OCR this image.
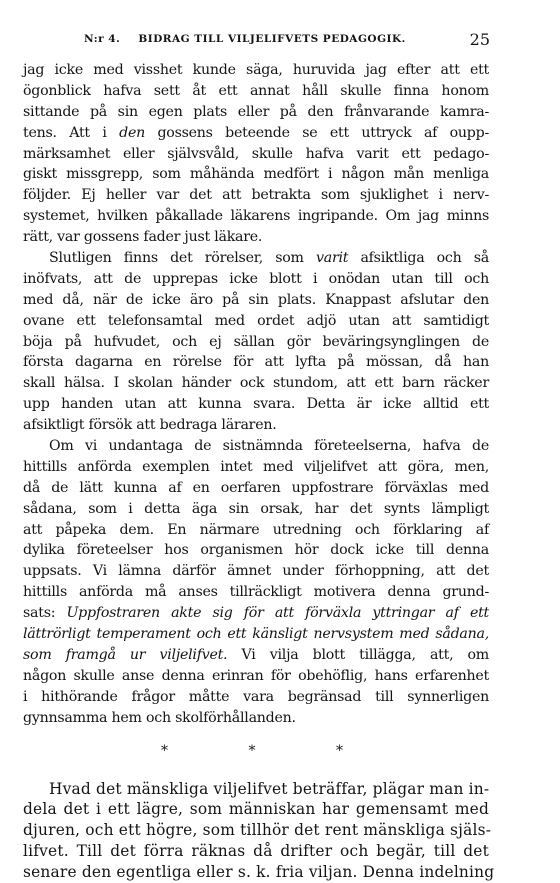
N:r 4. BIDRAG TILL VILJELIFVETS PEDAGOGIK.	25
jag icke med visshet kunde säga, huruvida jag efter att ett
ögonblick hafva sett åt ett annat håll skulle finna honom
sittande på sin egen plats eller på den frånvarande kamra-
tens. Att i den gossens beteende se ett uttryck af oupp-
märksamhet eller självsvåld, skulle hafva varit ett pedago-
giskt missgrepp, som måhända medfört i någon mån menliga
följder. Ej heller var det att betrakta som sjuklighet i nerv-
systemet, hvilken påkallade läkarens ingripande. Om jag minns
rätt, var gossens fader just läkare.
Slutligen finns det rörelser, som varit afsiktliga och så
inöfvats, att de upprepas icke blott i onödan utan till och
med då, när de icke äro på sin plats. Knappast afslutar den
ovane ett telefonsamtal med ordet adjö utan att samtidigt
böja på hufvudet, och ej sällan gör beväringsynglingen de
första dagarna en rörelse för att lyfta på mössan, då han
skall hälsa. I skolan händer ock stundom, att ett barn räcker
upp handen utan att kunna svara. Detta är icke alltid ett
afsiktligt försök att bedraga läraren.
Om vi undantaga de sistnämnda företeelserna, hafva de
hittills anförda exemplen intet med viljelifvet att göra, men,
då de lätt kunna af en oerfaren uppfostrare förväxlas med
sådana, som i detta äga sin orsak, har det synts lämpligt
att påpeka dem. En närmare utredning och förklaring af
dylika företeelser hos organismen hör dock icke till denna
uppsats. Vi lämna därför ämnet under förhoppning, att det
hittills anförda må anses tillräckligt motivera denna grund-
sats: Uppfostraren akte sig för att förväxla yttringar af ett
lättrörligt temperament och ett känsligt nervsystem med sådana,
som framgå ur viljelifvet. Vi vilja blott tillägga, att, om
någon skulle anse denna erinran för obehöflig, hans erfarenhet
i hithörande frågor måtte vara begränsad till synnerligen
gynnsamma hem och skolförhållanden.
* * *
Hvad det mänskliga viljelifvet beträffar, plägar man in-
dela det i ett lägre, som människan har gemensamt med
djuren, och ett högre, som tillhör det rent mänskliga själs-
lifvet. Till det förra räknas då drifter och begär, till det
senare den egentliga eller s. k. fria viljan. Denna indelning
